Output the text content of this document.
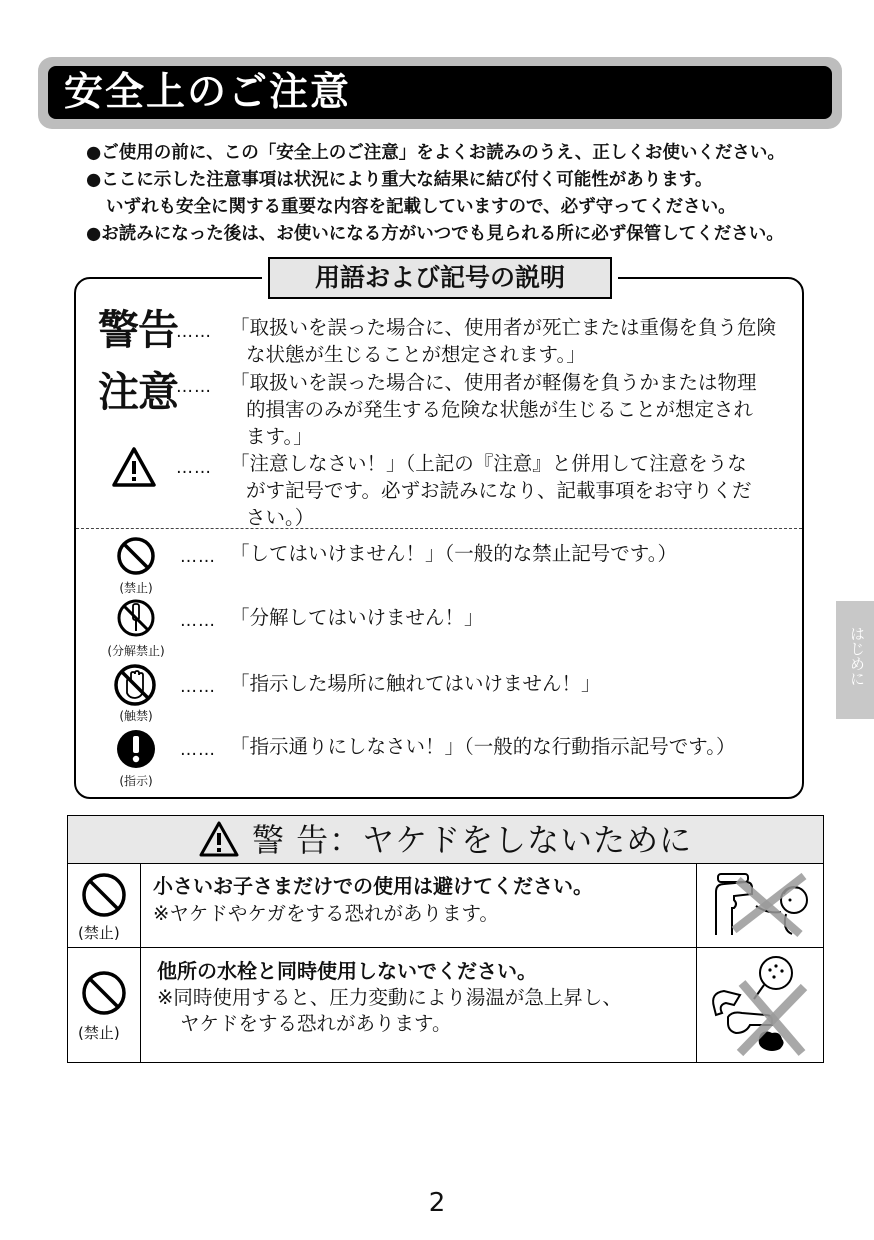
安全上のご注意
●ご使用の前に、この「安全上のご注意」をよくお読みのうえ、正しくお使いください。
●ここに示した注意事項は状況により重大な結果に結び付く可能性があります。
いずれも安全に関する重要な内容を記載していますので、必ず守ってください。
●お読みになった後は、お使いになる方がいつでも見られる所に必ず保管してください。
用語および記号の説明
警告
…… 「取扱いを誤った場合に、使用者が死亡または重傷を負う危険
な状態が生じることが想定されます。」
注意
…… 「取扱いを誤った場合に、使用者が軽傷を負うかまたは物理
的損害のみが発生する危険な状態が生じることが想定され
ます。」
…… 「注意しなさい！」（上記の『注意』と併用して注意をうな
がす記号です。必ずお読みになり、記載事項をお守りくだ
さい。）
(禁止)
…… 「してはいけません！」（一般的な禁止記号です。）
(分解禁止)
…… 「分解してはいけません！」
(触禁)
…… 「指示した場所に触れてはいけません！」
(指示)
…… 「指示通りにしなさい！」（一般的な行動指示記号です。）
はじめに
警 告：ヤケドをしないために
(禁止)
小さいお子さまだけでの使用は避けてください。
※ヤケドやケガをする恐れがあります。
(禁止)
他所の水栓と同時使用しないでください。
※同時使用すると、圧力変動により湯温が急上昇し、
ヤケドをする恐れがあります。
2
